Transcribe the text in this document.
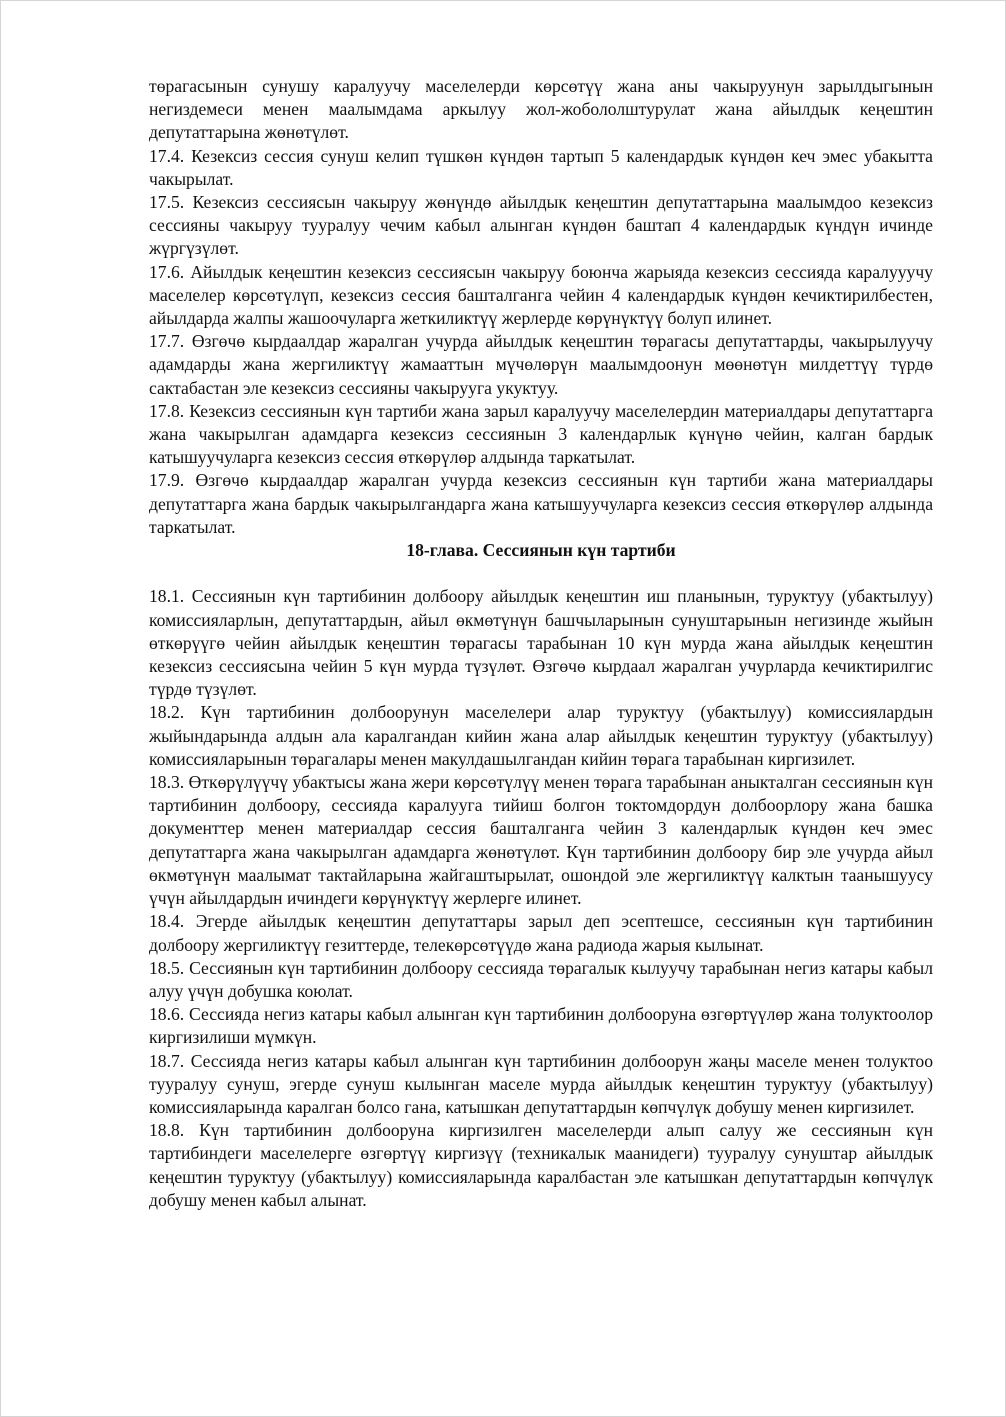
төрагасынын сунушу каралуучу маселелерди көрсөтүү жана аны чакыруунун зарылдыгынын негиздемеси менен маалымдама аркылуу жол-жобололштурулат жана айылдык кеңештин депутаттарына жөнөтүлөт.

17.4. Кезексиз сессия сунуш келип түшкөн күндөн тартып 5 календардык күндөн кеч эмес убакытта чакырылат.

17.5. Кезексиз сессиясын чакыруу жөнүндө айылдык кеңештин депутаттарына маалымдоо кезексиз сессияны чакыруу тууралуу чечим кабыл алынган күндөн баштап 4 календардык күндүн ичинде жүргүзүлөт.

17.6. Айылдык кеңештин кезексиз сессиясын чакыруу боюнча жарыяда кезексиз сессияда каралууучу маселелер көрсөтүлүп, кезексиз сессия башталганга чейин 4 календардык күндөн кечиктирилбестен, айылдарда жалпы жашоочуларга жеткиликтүү жерлерде көрүнүктүү болуп илинет.

17.7. Өзгөчө кырдаалдар жаралган учурда айылдык кеңештин төрагасы депутаттарды, чакырылуучу адамдарды жана жергиликтүү жамааттын мүчөлөрүн маалымдоонун мөөнөтүн милдеттүү түрдө сактабастан эле кезексиз сессияны чакырууга укуктуу.

17.8. Кезексиз сессиянын күн тартиби жана зарыл каралуучу маселелердин материалдары депутаттарга жана чакырылган адамдарга кезексиз сессиянын 3 календарлык күнүнө чейин, калган бардык катышуучуларга кезексиз сессия өткөрүлөр алдында таркатылат.

17.9. Өзгөчө кырдаалдар жаралган учурда кезексиз сессиянын күн тартиби жана материалдары депутаттарга жана бардык чакырылгандарга жана катышуучуларга кезексиз сессия өткөрүлөр алдында таркатылат.

18-глава. Сессиянын күн тартиби

18.1. Сессиянын күн тартибинин долбоору айылдык кеңештин иш планынын, туруктуу (убактылуу) комиссияларлын, депутаттардын, айыл өкмөтүнүн башчыларынын сунуштарынын негизинде жыйын өткөрүүгө чейин айылдык кеңештин төрагасы тарабынан 10 күн мурда жана айылдык кеңештин кезексиз сессиясына чейин 5 күн мурда түзүлөт. Өзгөчө кырдаал жаралган учурларда кечиктирилгис түрдө түзүлөт.

18.2. Күн тартибинин долбоорунун маселелери алар туруктуу (убактылуу) комиссиялардын жыйындарында алдын ала каралгандан кийин жана алар айылдык кеңештин туруктуу (убактылуу) комиссияларынын төрагалары менен макулдашылгандан кийин төрага тарабынан киргизилет.

18.3. Өткөрүлүүчү убактысы жана жери көрсөтүлүү менен төрага тарабынан аныкталган сессиянын күн тартибинин долбоору, сессияда каралууга тийиш болгон токтомдордун долбоорлору жана башка документтер менен материалдар сессия башталганга чейин 3 календарлык күндөн кеч эмес депутаттарга жана чакырылган адамдарга жөнөтүлөт. Күн тартибинин долбоору бир эле учурда айыл өкмөтүнүн маалымат тактайларына жайгаштырылат, ошондой эле жергиликтүү калктын таанышуусу үчүн айылдардын ичиндеги көрүнүктүү жерлерге илинет.

18.4. Эгерде айылдык кеңештин депутаттары зарыл деп эсептешсе, сессиянын күн тартибинин долбоору жергиликтүү гезиттерде, телекөрсөтүүдө жана радиода жарыя кылынат.

18.5. Сессиянын күн тартибинин долбоору сессияда төрагалык кылуучу тарабынан негиз катары кабыл алуу үчүн добушка коюлат.

18.6. Сессияда негиз катары кабыл алынган күн тартибинин долбооруна өзгөртүүлөр жана толуктоолор киргизилиши мүмкүн.

18.7. Сессияда негиз катары кабыл алынган күн тартибинин долбоорун жаңы маселе менен толуктоо тууралуу сунуш, эгерде сунуш кылынган маселе мурда айылдык кеңештин туруктуу (убактылуу) комиссияларында каралган болсо гана, катышкан депутаттардын көпчүлүк добушу менен киргизилет.

18.8. Күн тартибинин долбооруна киргизилген маселелерди алып салуу же сессиянын күн тартибиндеги маселелерге өзгөртүү киргизүү (техникалык маанидеги) тууралуу сунуштар айылдык кеңештин туруктуу (убактылуу) комиссияларында каралбастан эле катышкан депутаттардын көпчүлүк добушу менен кабыл алынат.
